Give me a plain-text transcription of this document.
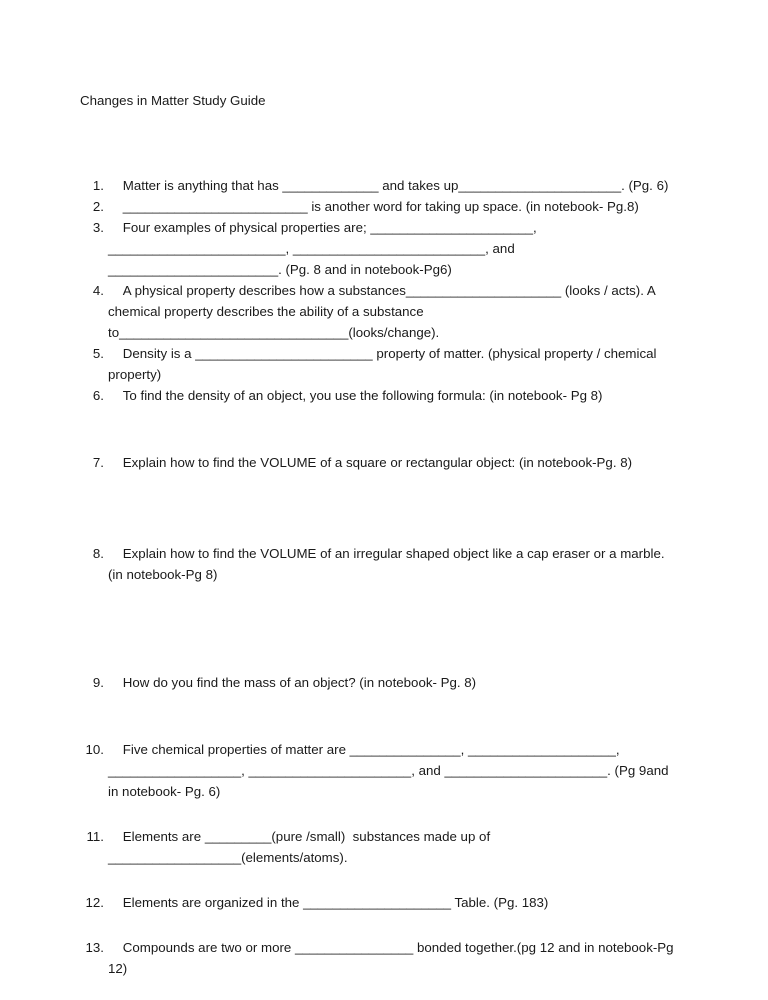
Changes in Matter Study Guide

1. Matter is anything that has _____________ and takes up______________________. (Pg. 6)

2. _________________________ is another word for taking up space. (in notebook- Pg.8)

3. Four examples of physical properties are; ______________________,
________________________, __________________________, and
_______________________. (Pg. 8 and in notebook-Pg6)

4. A physical property describes how a substances_____________________ (looks / acts). A chemical property describes the ability of a substance
to_______________________________(looks/change).

5. Density is a ________________________ property of matter. (physical property / chemical property)

6. To find the density of an object, you use the following formula: (in notebook- Pg 8)

7. Explain how to find the VOLUME of a square or rectangular object: (in notebook-Pg. 8)

8. Explain how to find the VOLUME of an irregular shaped object like a cap eraser or a marble. (in notebook-Pg 8)

9. How do you find the mass of an object? (in notebook- Pg. 8)

10. Five chemical properties of matter are _______________, ____________________,
__________________, ______________________, and ______________________. (Pg 9and in notebook- Pg. 6)

11. Elements are _________(pure /small)  substances made up of
__________________(elements/atoms).

12. Elements are organized in the ____________________ Table. (Pg. 183)

13. Compounds are two or more ________________ bonded together.(pg 12 and in notebook-Pg 12)
